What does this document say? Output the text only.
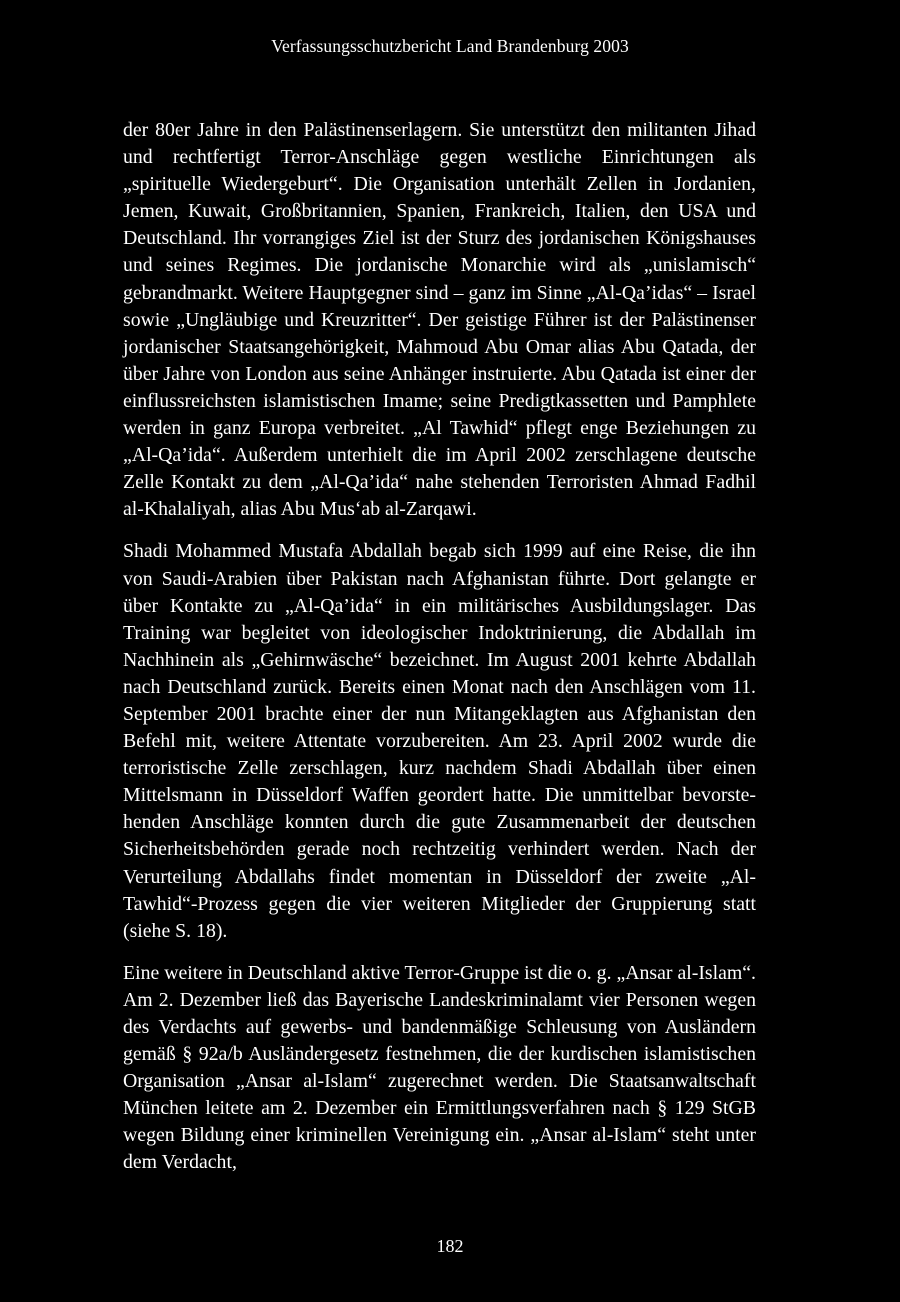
Verfassungsschutzbericht Land Brandenburg 2003

der 80er Jahre in den Palästinenserlagern. Sie unterstützt den militanten Jihad und rechtfertigt Terror-Anschläge gegen westliche Einrichtungen als „spirituelle Wiedergeburt“. Die Organisation unterhält Zellen in Jordanien, Jemen, Kuwait, Großbritannien, Spanien, Frankreich, Italien, den USA und Deutschland. Ihr vorrangiges Ziel ist der Sturz des jordanischen Königshauses und seines Regimes. Die jordanische Monarchie wird als „unislamisch“ gebrandmarkt. Weitere Hauptgegner sind – ganz im Sinne „Al-Qa’idas“ – Israel sowie „Ungläubige und Kreuzritter“. Der geistige Führer ist der Palästinenser jordanischer Staatsangehörigkeit, Mahmoud Abu Omar alias Abu Qatada, der über Jahre von London aus seine Anhänger instruierte. Abu Qatada ist einer der einflussreichsten islamistischen Imame; seine Predigtkassetten und Pamphlete werden in ganz Europa verbreitet. „Al Tawhid“ pflegt enge Beziehungen zu „Al-Qa’ida“. Außerdem unterhielt die im April 2002 zerschlagene deutsche Zelle Kontakt zu dem „Al-Qa’ida“ nahe stehenden Terroristen Ahmad Fadhil al-Khalaliyah, alias Abu Mus‘ab al-Zarqawi.

Shadi Mohammed Mustafa Abdallah begab sich 1999 auf eine Reise, die ihn von Saudi-Arabien über Pakistan nach Afghanistan führte. Dort gelangte er über Kontakte zu „Al-Qa’ida“ in ein militärisches Ausbildungslager. Das Training war begleitet von ideologischer Indoktrinierung, die Abdallah im Nachhinein als „Gehirnwäsche“ bezeichnet. Im August 2001 kehrte Abdallah nach Deutschland zurück. Bereits einen Monat nach den Anschlägen vom 11. September 2001 brachte einer der nun Mitangeklagten aus Afghanistan den Befehl mit, weitere Attentate vorzubereiten. Am 23. April 2002 wurde die terroristische Zelle zerschlagen, kurz nachdem Shadi Abdallah über einen Mittelsmann in Düsseldorf Waffen geordert hatte. Die unmittelbar bevorstehenden Anschläge konnten durch die gute Zusammenarbeit der deutschen Sicherheitsbehörden gerade noch rechtzeitig verhindert werden. Nach der Verurteilung Abdallahs findet momentan in Düsseldorf der zweite „Al-Tawhid“-Prozess gegen die vier weiteren Mitglieder der Gruppierung statt (siehe S. 18).

Eine weitere in Deutschland aktive Terror-Gruppe ist die o. g. „Ansar al-Islam“. Am 2. Dezember ließ das Bayerische Landeskriminalamt vier Personen wegen des Verdachts auf gewerbs- und bandenmäßige Schleusung von Ausländern gemäß § 92a/b Ausländergesetz festnehmen, die der kurdischen islamistischen Organisation „Ansar al-Islam“ zugerechnet werden. Die Staatsanwaltschaft München leitete am 2. Dezember ein Ermittlungsverfahren nach § 129 StGB wegen Bildung einer kriminellen Vereinigung ein. „Ansar al-Islam“ steht unter dem Verdacht,

182
